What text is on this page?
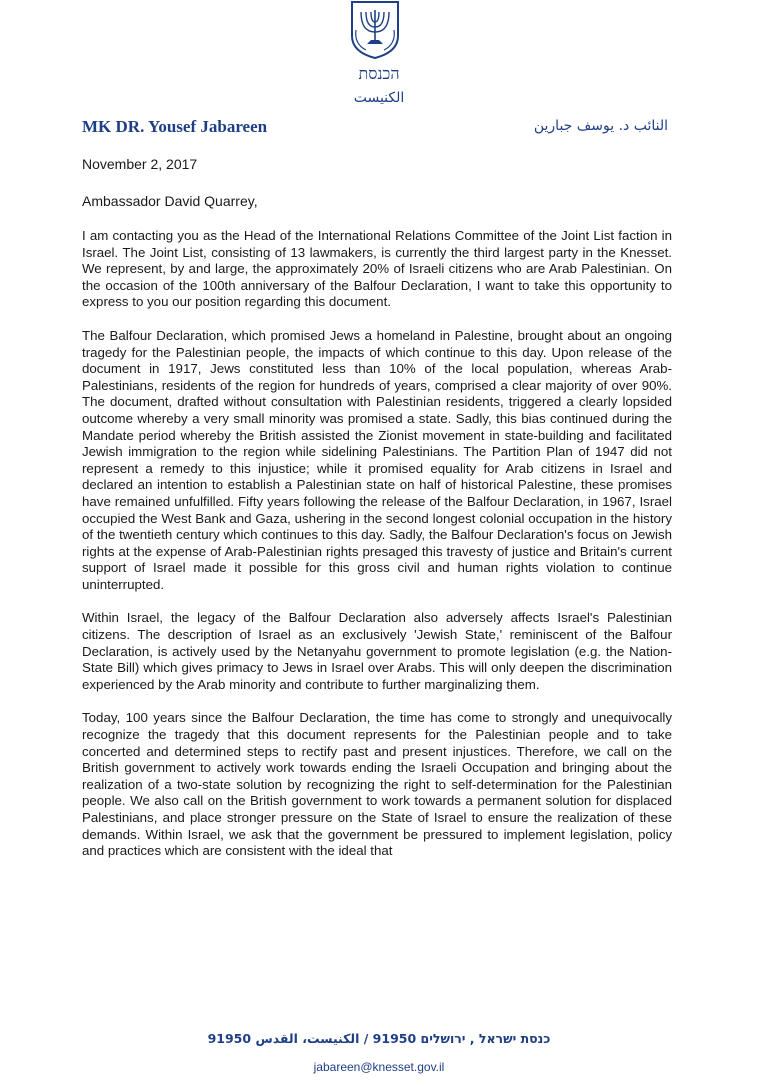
הכנסת
الكنيست
MK DR. Yousef Jabareen	النائب د. يوسف جبارين
November 2, 2017
Ambassador David Quarrey,

I am contacting you as the Head of the International Relations Committee of the Joint List faction in Israel. The Joint List, consisting of 13 lawmakers, is currently the third largest party in the Knesset. We represent, by and large, the approximately 20% of Israeli citizens who are Arab Palestinian. On the occasion of the 100th anniversary of the Balfour Declaration, I want to take this opportunity to express to you our position regarding this document.

The Balfour Declaration, which promised Jews a homeland in Palestine, brought about an ongoing tragedy for the Palestinian people, the impacts of which continue to this day. Upon release of the document in 1917, Jews constituted less than 10% of the local population, whereas Arab-Palestinians, residents of the region for hundreds of years, comprised a clear majority of over 90%. The document, drafted without consultation with Palestinian residents, triggered a clearly lopsided outcome whereby a very small minority was promised a state. Sadly, this bias continued during the Mandate period whereby the British assisted the Zionist movement in state-building and facilitated Jewish immigration to the region while sidelining Palestinians. The Partition Plan of 1947 did not represent a remedy to this injustice; while it promised equality for Arab citizens in Israel and declared an intention to establish a Palestinian state on half of historical Palestine, these promises have remained unfulfilled. Fifty years following the release of the Balfour Declaration, in 1967, Israel occupied the West Bank and Gaza, ushering in the second longest colonial occupation in the history of the twentieth century which continues to this day. Sadly, the Balfour Declaration's focus on Jewish rights at the expense of Arab-Palestinian rights presaged this travesty of justice and Britain's current support of Israel made it possible for this gross civil and human rights violation to continue uninterrupted.

Within Israel, the legacy of the Balfour Declaration also adversely affects Israel's Palestinian citizens. The description of Israel as an exclusively 'Jewish State,' reminiscent of the Balfour Declaration, is actively used by the Netanyahu government to promote legislation (e.g. the Nation-State Bill) which gives primacy to Jews in Israel over Arabs. This will only deepen the discrimination experienced by the Arab minority and contribute to further marginalizing them.

Today, 100 years since the Balfour Declaration, the time has come to strongly and unequivocally recognize the tragedy that this document represents for the Palestinian people and to take concerted and determined steps to rectify past and present injustices. Therefore, we call on the British government to actively work towards ending the Israeli Occupation and bringing about the realization of a two-state solution by recognizing the right to self-determination for the Palestinian people. We also call on the British government to work towards a permanent solution for displaced Palestinians, and place stronger pressure on the State of Israel to ensure the realization of these demands. Within Israel, we ask that the government be pressured to implement legislation, policy and practices which are consistent with the ideal that

כנסת ישראל , ירושלים 91950 / الكنيست، القدس 91950
jabareen@knesset.gov.il
